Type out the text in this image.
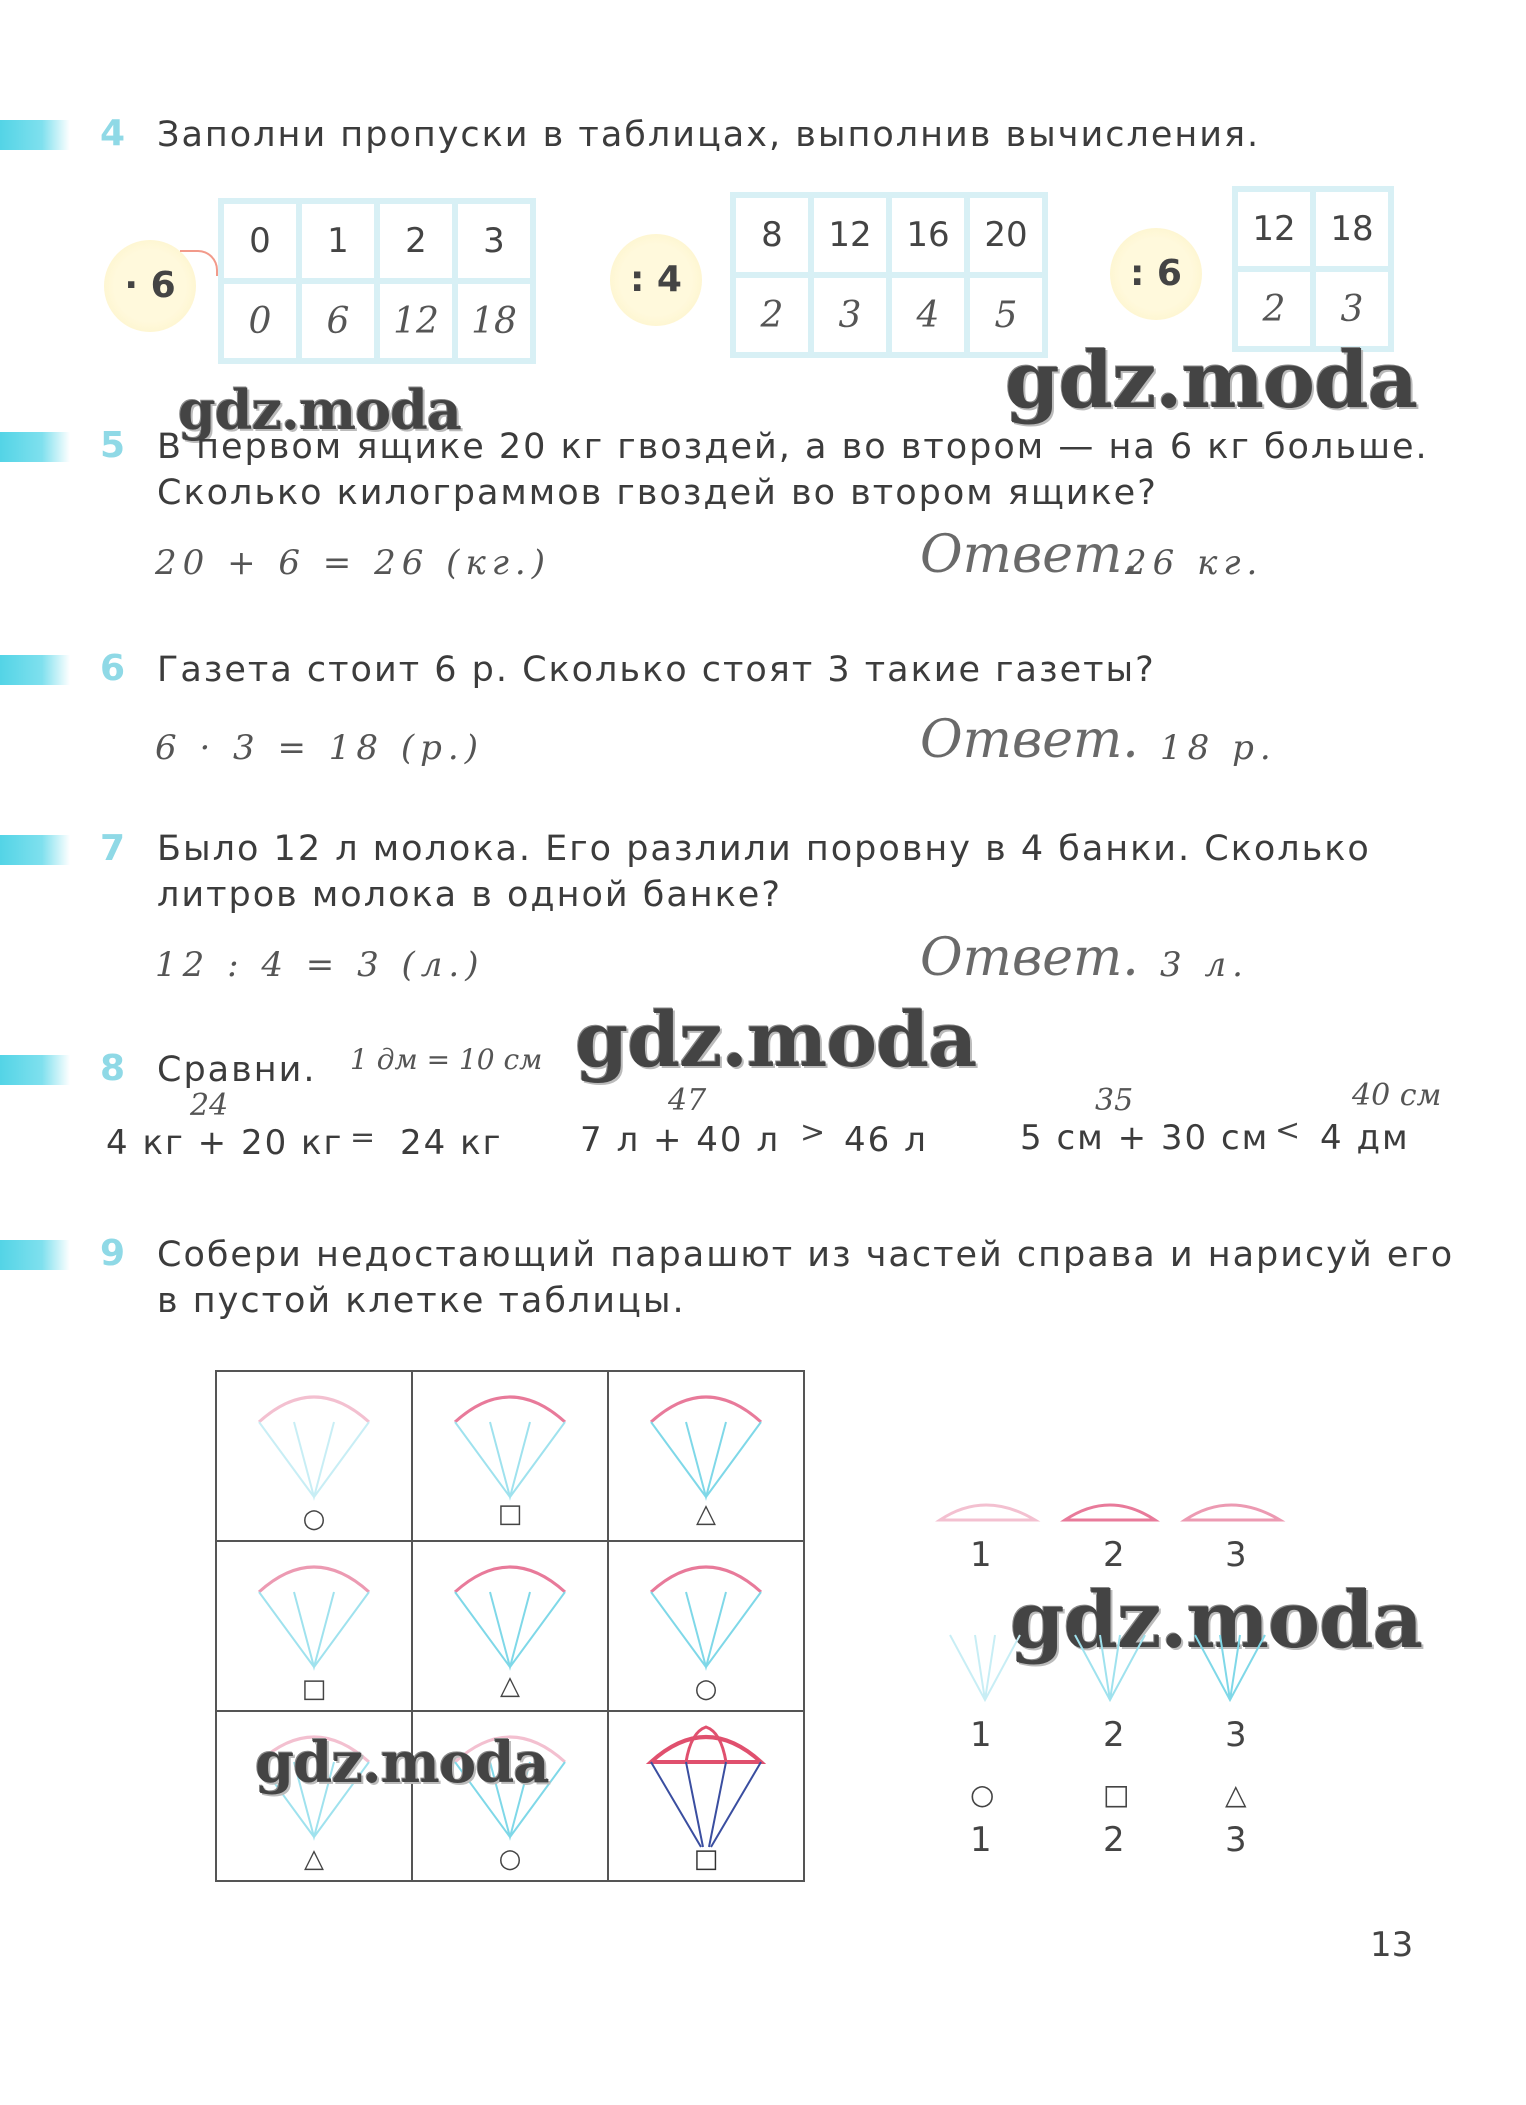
4 Заполни пропуски в таблицах, выполнив вычисления.
· 6
0	1	2	3
0	6	12	18
: 4
8	12	16	20
2	3	4	5
: 6
12	18
2	3
gdz.moda
gdz.moda
5 В первом ящике 20 кг гвоздей, а во втором — на 6 кг больше.
Сколько килограммов гвоздей во втором ящике?
20 + 6 = 26 (кг.)	Ответ.
26 кг.
6 Газета стоит 6 р. Сколько стоят 3 такие газеты?
6 · 3 = 18 (р.)	Ответ. 18 р.
7 Было 12 л молока. Его разлили поровну в 4 банки. Сколько
литров молока в одной банке?
12 : 4 = 3 (л.)	Ответ. 3 л.
8 Сравни. 1 дм = 10 см gdz.moda
24
4 кг + 20 кг = 24 кг
47
7 л + 40 л > 46 л
35	40 см
5 см + 30 см < 4 дм
9 Собери недостающий парашют из частей справа и нарисуй его
в пустой клетке таблицы.
○	□	△

□	△	○

△	○	□
gdz.moda
1	2	3
gdz.moda
1	2	3
○	□	△
1	2	3
13
